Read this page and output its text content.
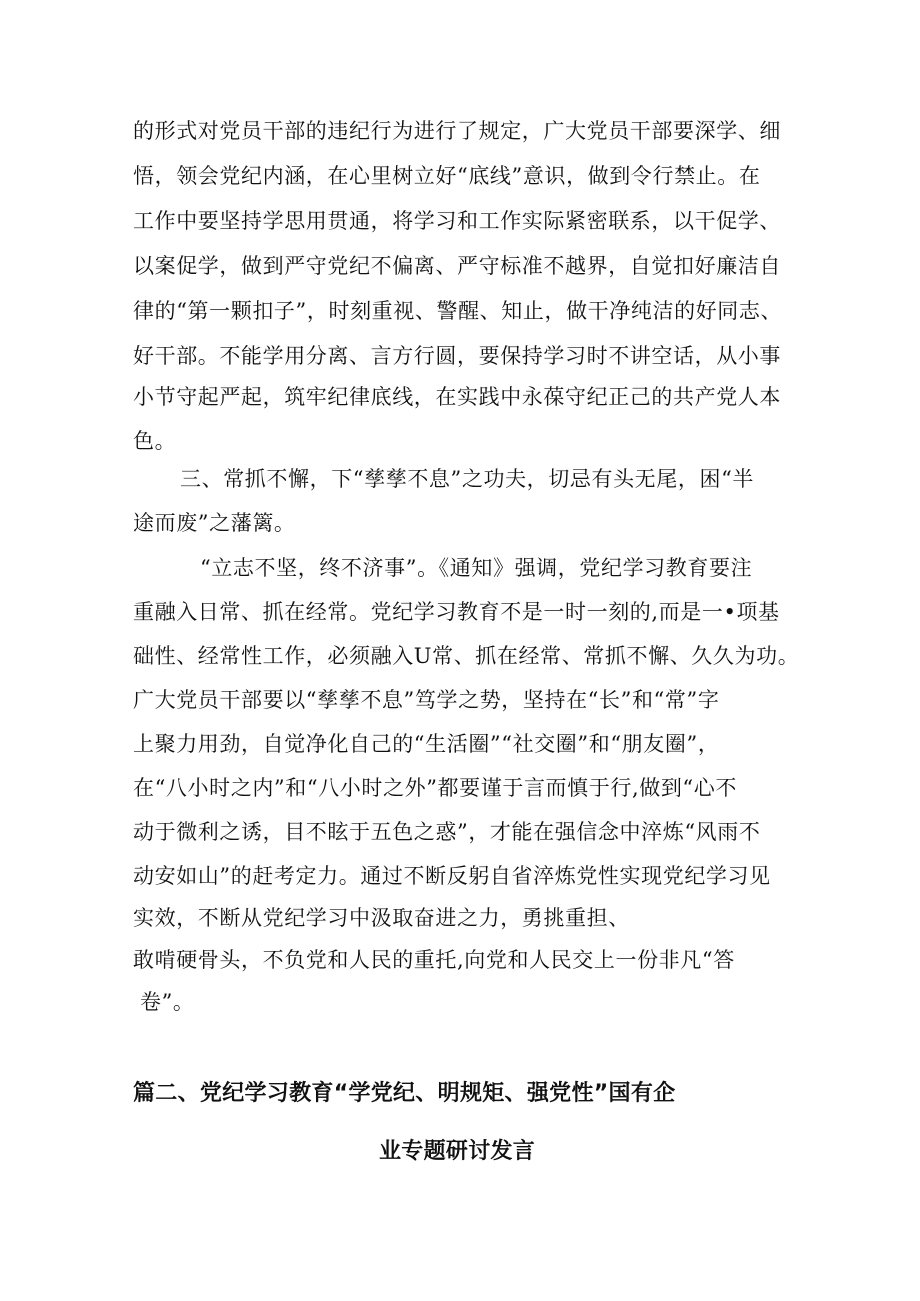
的形式对党员干部的违纪行为进行了规定，广大党员干部要深学、细
悟，领会党纪内涵，在心里树立好“底线”意识，做到令行禁止。在
工作中要坚持学思用贯通，将学习和工作实际紧密联系，以干促学、
以案促学，做到严守党纪不偏离、严守标准不越界，自觉扣好廉洁自
律的“第一颗扣子”，时刻重视、警醒、知止，做干净纯洁的好同志、
好干部。不能学用分离、言方行圆，要保持学习时不讲空话，从小事
小节守起严起，筑牢纪律底线，在实践中永葆守纪正己的共产党人本
色。
三、常抓不懈，下“孳孳不息”之功夫，切忌有头无尾，困“半
途而废”之藩篱。
“立志不坚，终不济事”。《通知》强调，党纪学习教育要注
重融入日常、抓在经常。党纪学习教育不是一时一刻的,而是一•项基
础性、经常性工作，必须融入U常、抓在经常、常抓不懈、久久为功。
广大党员干部要以“孳孳不息”笃学之势，坚持在“长”和“常”字
上聚力用劲，自觉净化自己的“生活圈”“社交圈”和“朋友圈”，
在“八小时之内”和“八小时之外”都要谨于言而慎于行,做到“心不
动于微利之诱，目不眩于五色之惑”，才能在强信念中淬炼“风雨不
动安如山”的赶考定力。通过不断反躬自省淬炼党性实现党纪学习见
实效，不断从党纪学习中汲取奋进之力，勇挑重担、
敢啃硬骨头，不负党和人民的重托,向党和人民交上一份非凡“答
卷”。
篇二、党纪学习教育“学党纪、明规矩、强党性”国有企
业专题研讨发言
